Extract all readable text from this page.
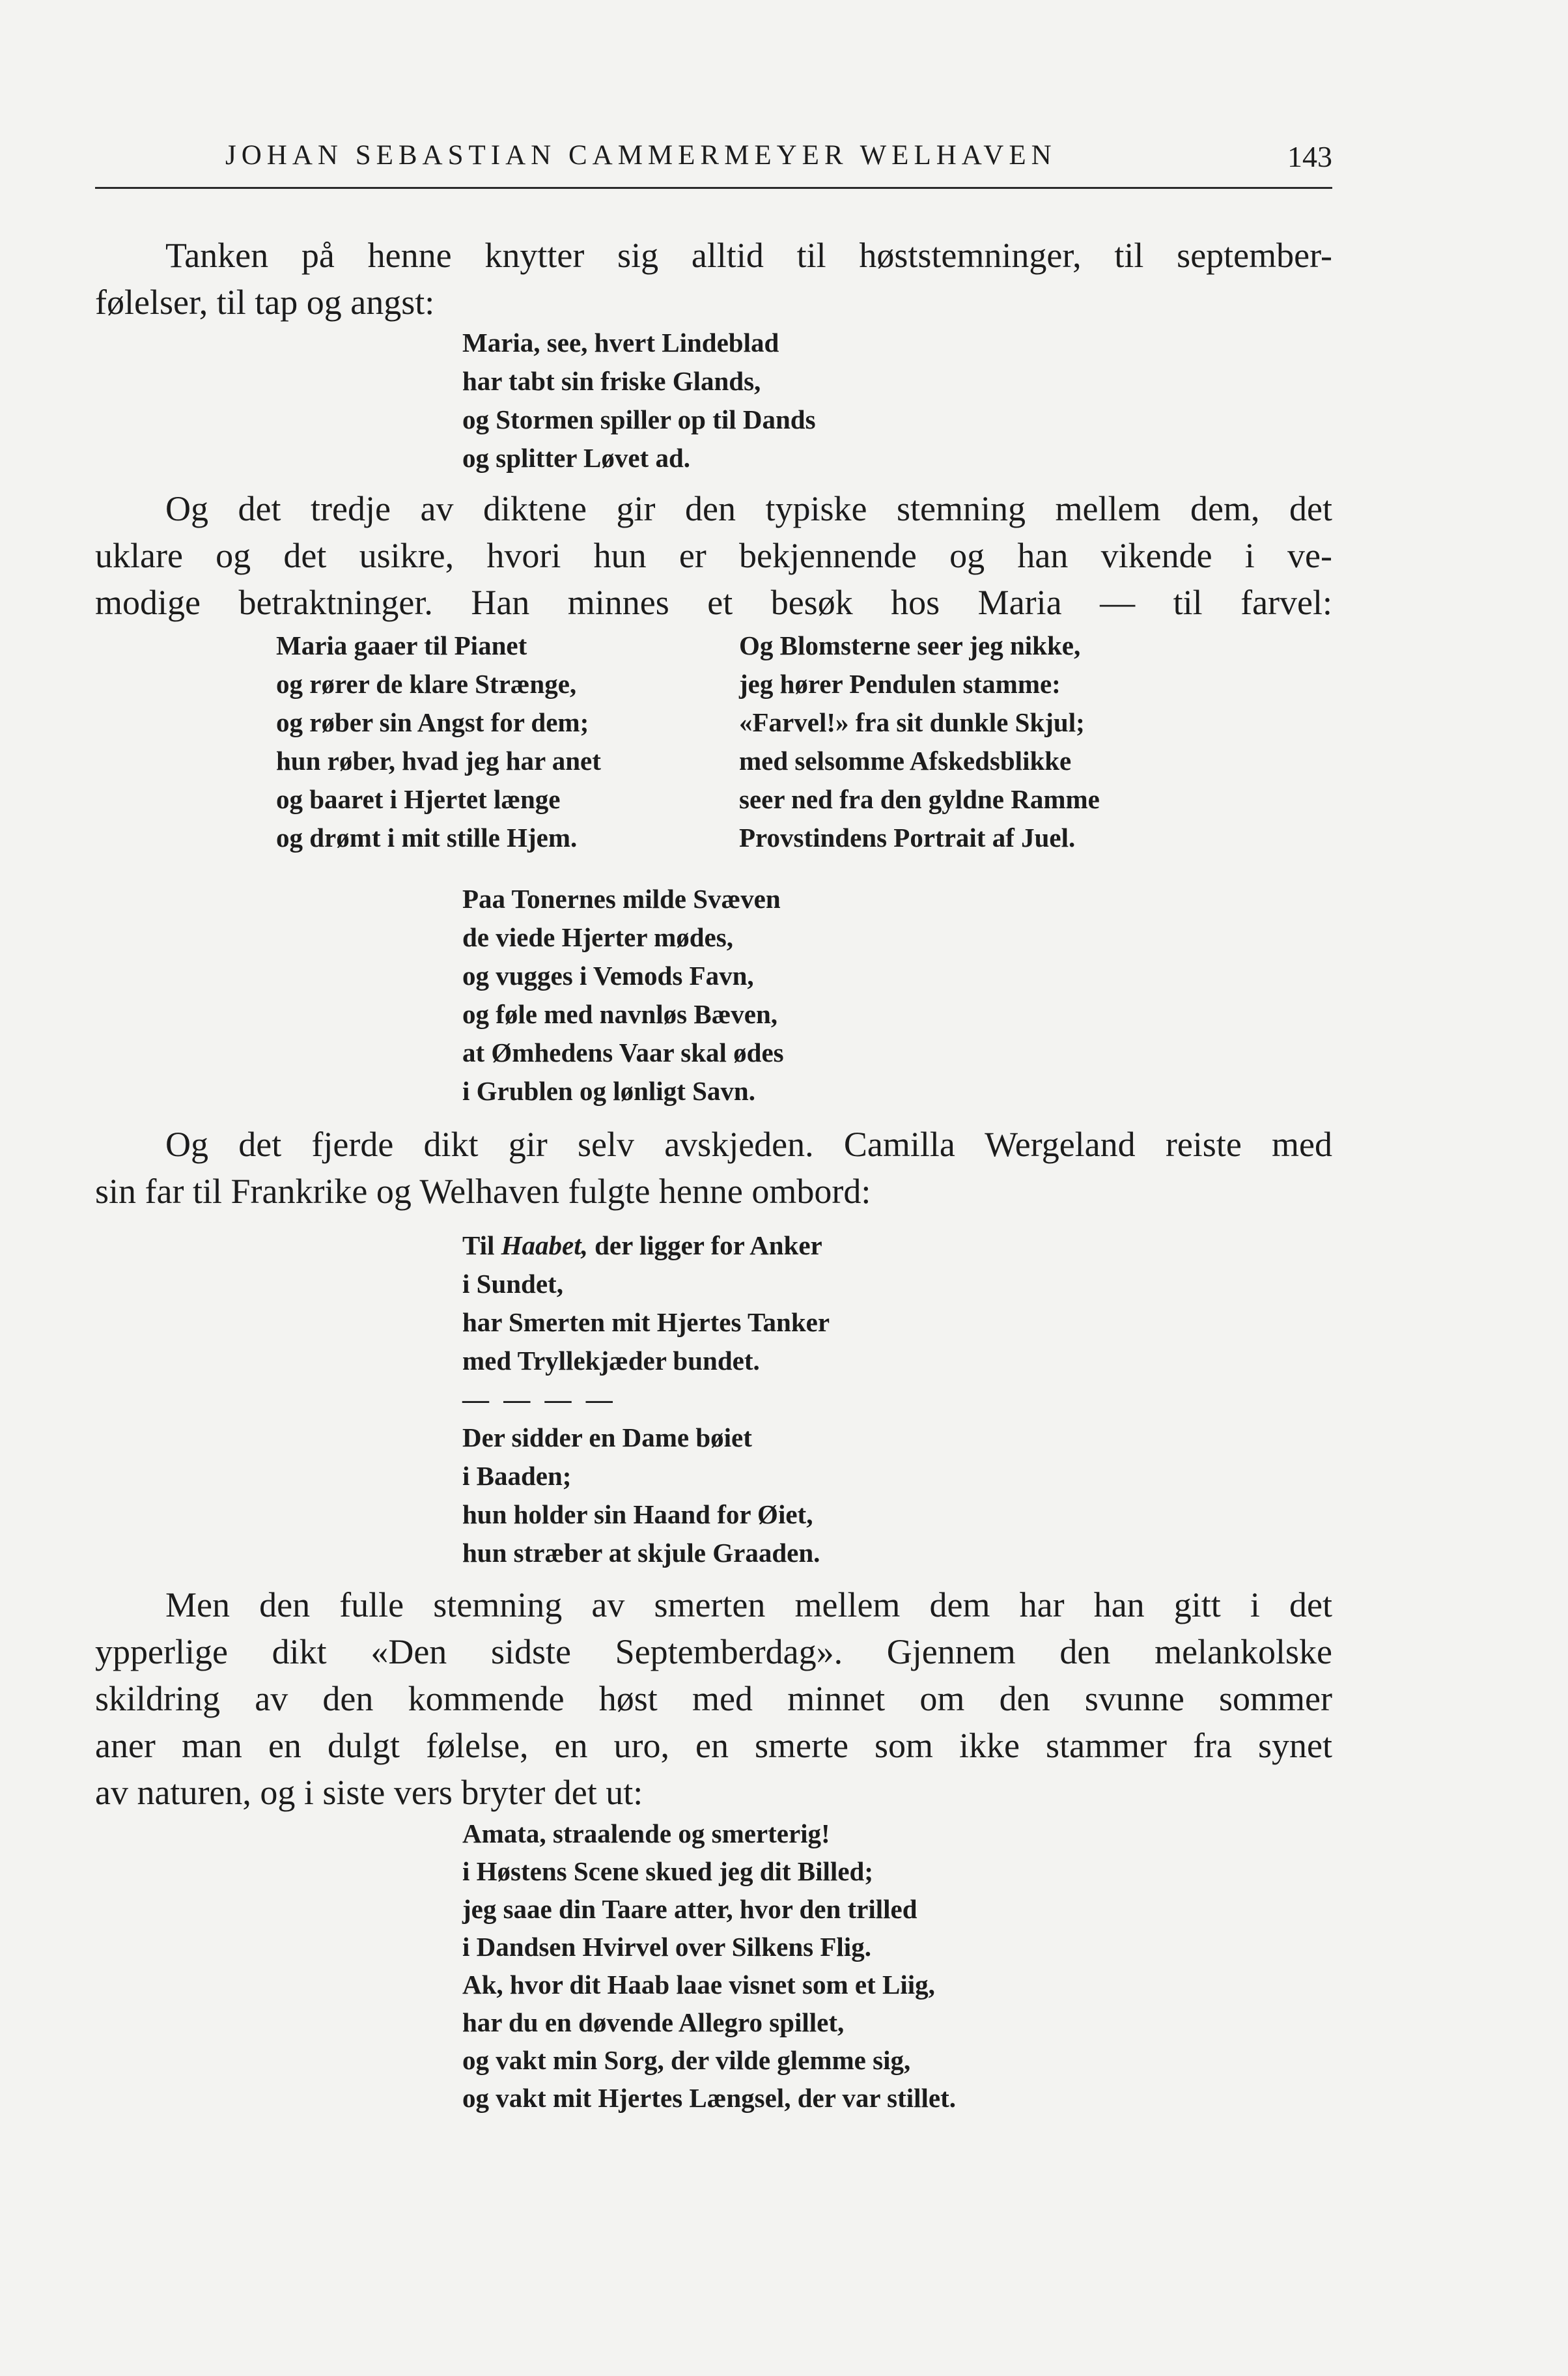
JOHAN SEBASTIAN CAMMERMEYER WELHAVEN	143
Tanken på henne knytter sig alltid til høststemninger, til september-
følelser, til tap og angst:
Maria, see, hvert Lindeblad
har tabt sin friske Glands,
og Stormen spiller op til Dands
og splitter Løvet ad.
Og det tredje av diktene gir den typiske stemning mellem dem, det
uklare og det usikre, hvori hun er bekjennende og han vikende i ve-
modige betraktninger. Han minnes et besøk hos Maria — til farvel:
Maria gaaer til Pianet
og rører de klare Strænge,
og røber sin Angst for dem;
hun røber, hvad jeg har anet
og baaret i Hjertet længe
og drømt i mit stille Hjem.
Og Blomsterne seer jeg nikke,
jeg hører Pendulen stamme:
«Farvel!» fra sit dunkle Skjul;
med selsomme Afskedsblikke
seer ned fra den gyldne Ramme
Provstindens Portrait af Juel.
Paa Tonernes milde Svæven
de viede Hjerter mødes,
og vugges i Vemods Favn,
og føle med navnløs Bæven,
at Ømhedens Vaar skal ødes
i Grublen og lønligt Savn.
Og det fjerde dikt gir selv avskjeden. Camilla Wergeland reiste med
sin far til Frankrike og Welhaven fulgte henne ombord:
Til Haabet, der ligger for Anker
i Sundet,
har Smerten mit Hjertes Tanker
med Tryllekjæder bundet.
— — — —
Der sidder en Dame bøiet
i Baaden;
hun holder sin Haand for Øiet,
hun stræber at skjule Graaden.
Men den fulle stemning av smerten mellem dem har han gitt i det
ypperlige dikt «Den sidste Septemberdag». Gjennem den melankolske
skildring av den kommende høst med minnet om den svunne sommer
aner man en dulgt følelse, en uro, en smerte som ikke stammer fra synet
av naturen, og i siste vers bryter det ut:
Amata, straalende og smerterig!
i Høstens Scene skued jeg dit Billed;
jeg saae din Taare atter, hvor den trilled
i Dandsen Hvirvel over Silkens Flig.
Ak, hvor dit Haab laae visnet som et Liig,
har du en døvende Allegro spillet,
og vakt min Sorg, der vilde glemme sig,
og vakt mit Hjertes Længsel, der var stillet.
